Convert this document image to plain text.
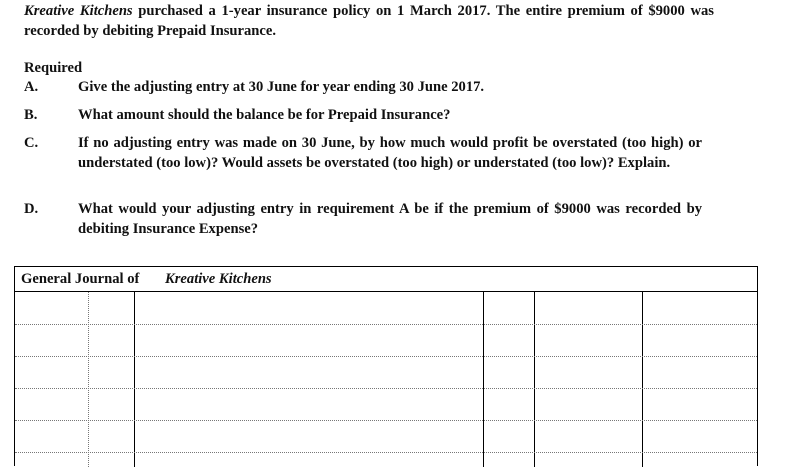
Kreative Kitchens purchased a 1-year insurance policy on 1 March 2017. The entire premium of $9000 was recorded by debiting Prepaid Insurance.

Required
A.	Give the adjusting entry at 30 June for year ending 30 June 2017.
B.	What amount should the balance be for Prepaid Insurance?
C.	If no adjusting entry was made on 30 June, by how much would profit be overstated (too high) or understated (too low)? Would assets be overstated (too high) or understated (too low)? Explain.
D.	What would your adjusting entry in requirement A be if the premium of $9000 was recorded by debiting Insurance Expense?
General Journal of Kreative Kitchens
